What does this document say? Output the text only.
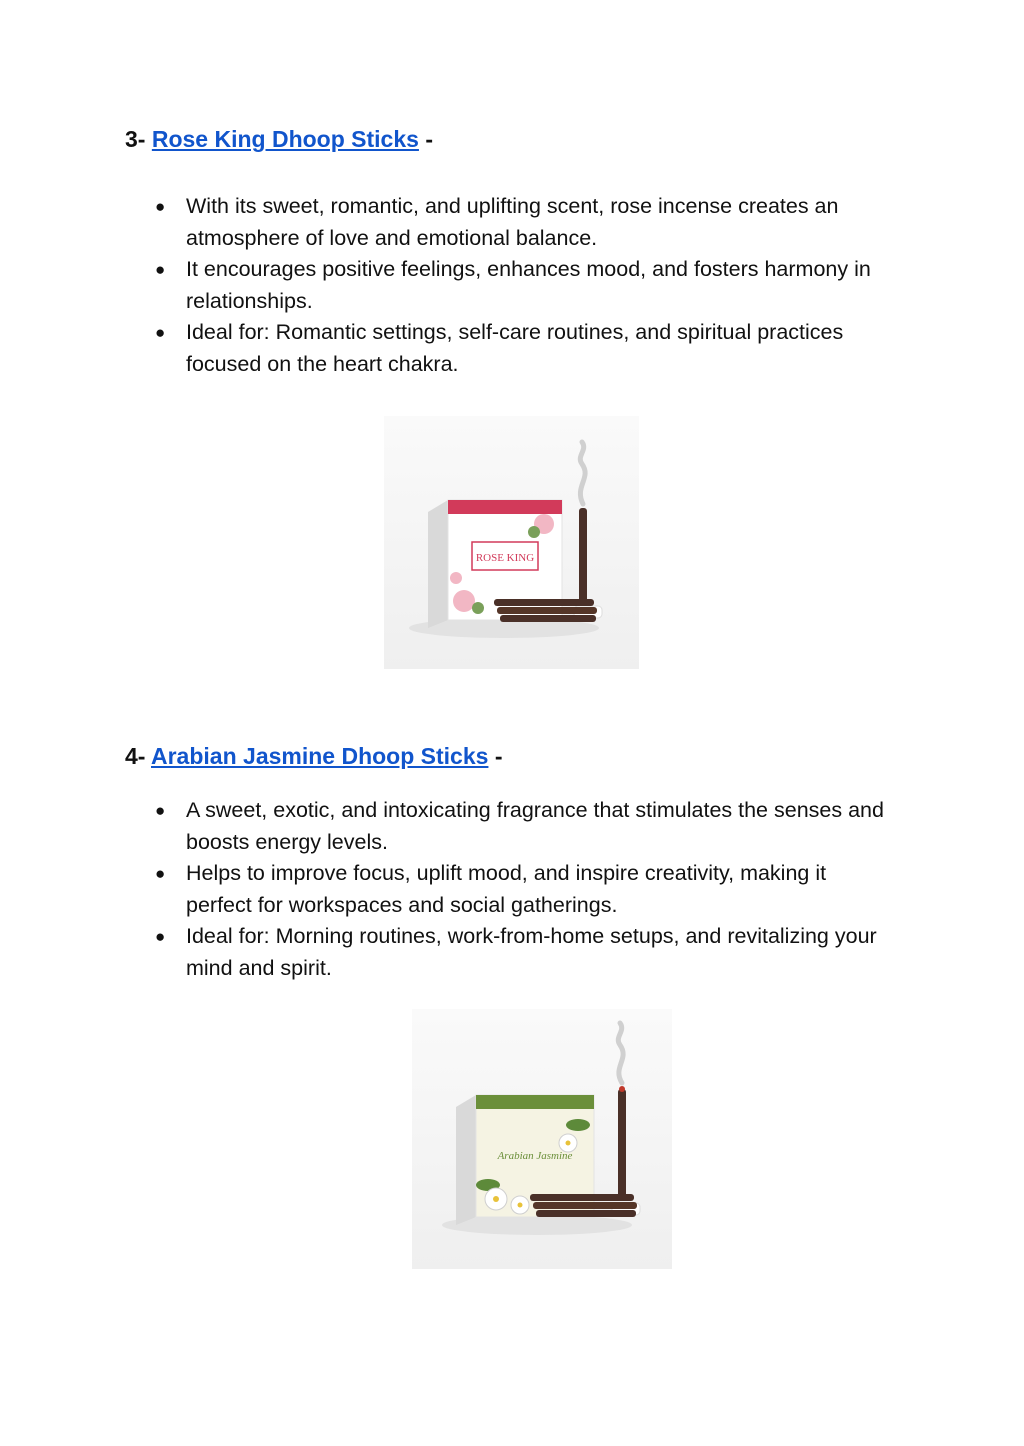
3- Rose King Dhoop Sticks -
● With its sweet, romantic, and uplifting scent, rose incense creates an atmosphere of love and emotional balance.
● It encourages positive feelings, enhances mood, and fosters harmony in relationships.
● Ideal for: Romantic settings, self-care routines, and spiritual practices focused on the heart chakra.
ROSE KING
4- Arabian Jasmine Dhoop Sticks -
● A sweet, exotic, and intoxicating fragrance that stimulates the senses and boosts energy levels.
● Helps to improve focus, uplift mood, and inspire creativity, making it perfect for workspaces and social gatherings.
● Ideal for: Morning routines, work-from-home setups, and revitalizing your mind and spirit.
Arabian Jasmine
